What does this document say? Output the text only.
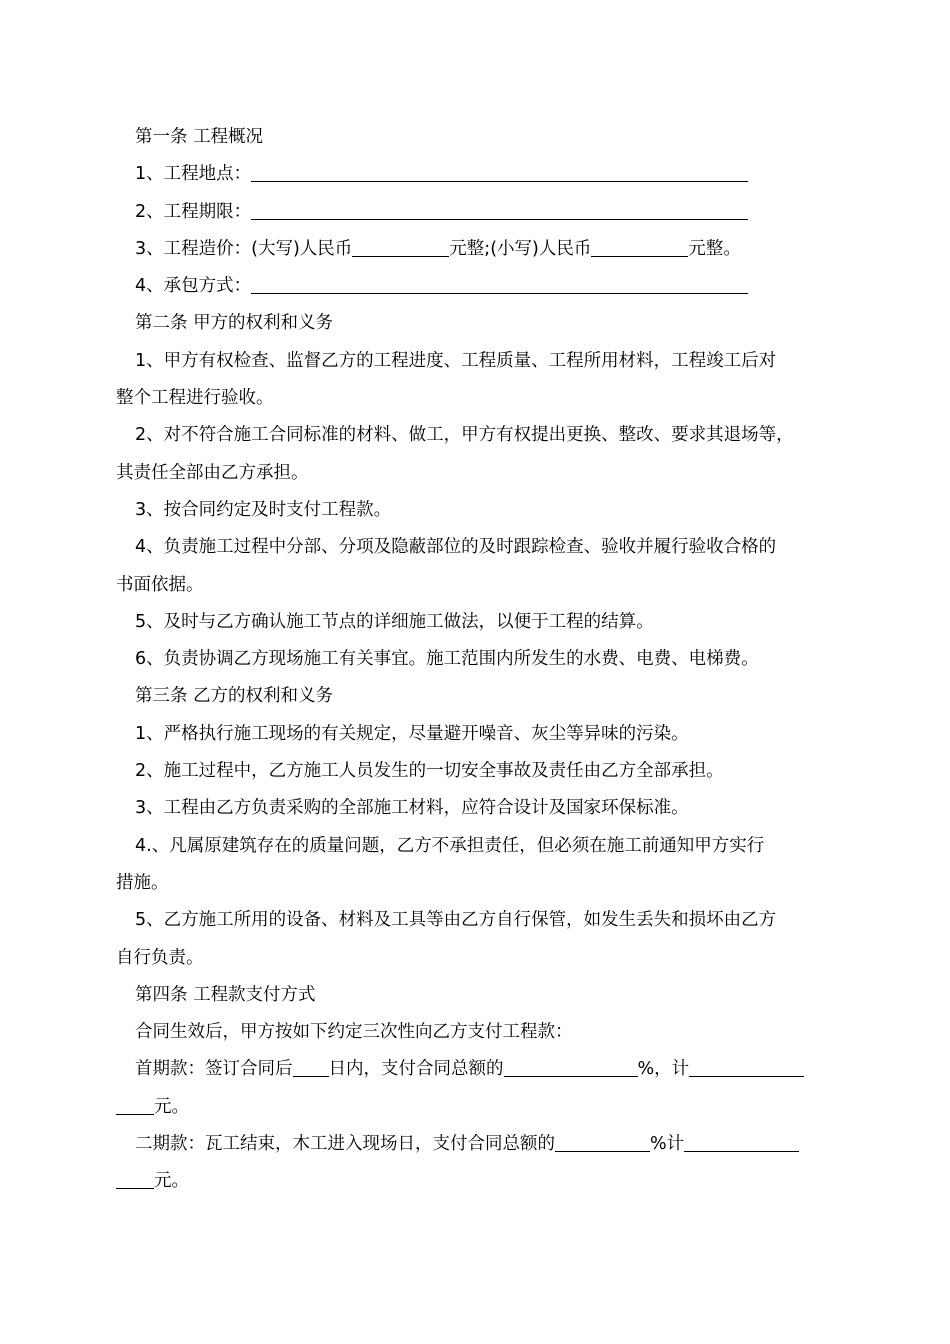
第一条 工程概况
1、工程地点：
2、工程期限：
3、工程造价：(大写)人民币	元整;(小写)人民币	元整。
4、承包方式：
第二条 甲方的权利和义务
1、甲方有权检查、监督乙方的工程进度、工程质量、工程所用材料，工程竣工后对
整个工程进行验收。
2、对不符合施工合同标准的材料、做工，甲方有权提出更换、整改、要求其退场等，
其责任全部由乙方承担。
3、按合同约定及时支付工程款。
4、负责施工过程中分部、分项及隐蔽部位的及时跟踪检查、验收并履行验收合格的
书面依据。
5、及时与乙方确认施工节点的详细施工做法，以便于工程的结算。
6、负责协调乙方现场施工有关事宜。施工范围内所发生的水费、电费、电梯费。
第三条 乙方的权利和义务
1、严格执行施工现场的有关规定，尽量避开噪音、灰尘等异味的污染。
2、施工过程中，乙方施工人员发生的一切安全事故及责任由乙方全部承担。
3、工程由乙方负责采购的全部施工材料，应符合设计及国家环保标准。
4.、凡属原建筑存在的质量问题，乙方不承担责任，但必须在施工前通知甲方实行
措施。
5、乙方施工所用的设备、材料及工具等由乙方自行保管，如发生丢失和损坏由乙方
自行负责。
第四条 工程款支付方式
合同生效后，甲方按如下约定三次性向乙方支付工程款：
首期款：签订合同后 日内，支付合同总额的	%，计
元。
二期款：瓦工结束，木工进入现场日，支付合同总额的	%计
元。
